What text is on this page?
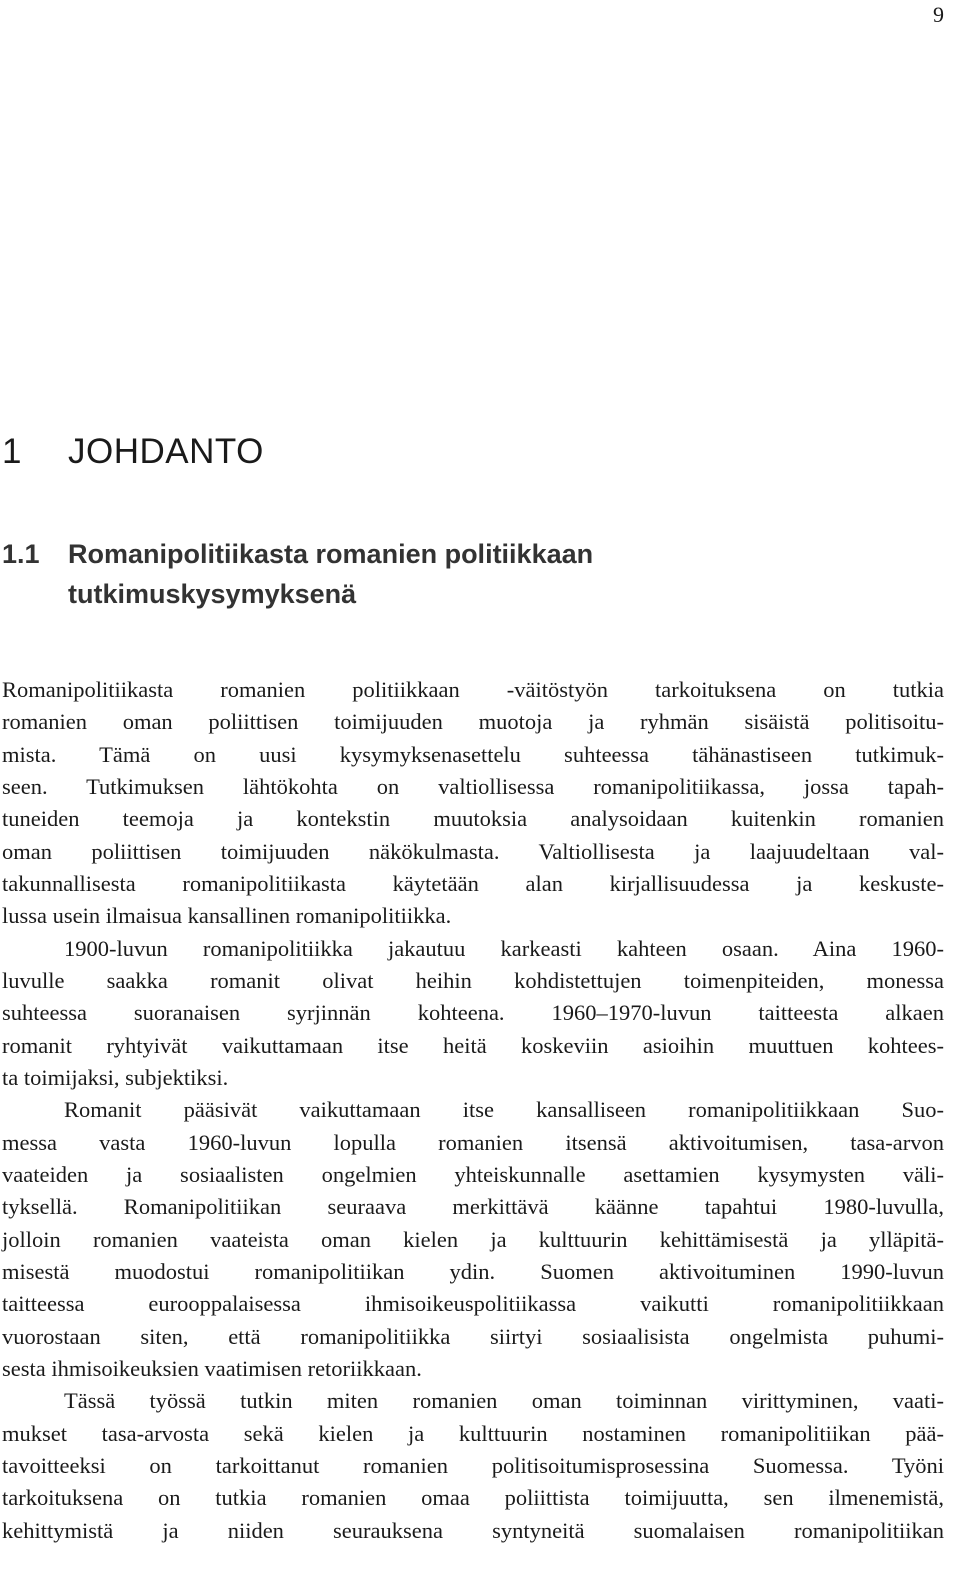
9
1 JOHDANTO
1.1 Romanipolitiikasta romanien politiikkaan
tutkimuskysymyksenä
Romanipolitiikasta romanien politiikkaan -väitöstyön tarkoituksena on tutkia
romanien oman poliittisen toimijuuden muotoja ja ryhmän sisäistä politisoitu-
mista. Tämä on uusi kysymyksenasettelu suhteessa tähänastiseen tutkimuk-
seen. Tutkimuksen lähtökohta on valtiollisessa romanipolitiikassa, jossa tapah-
tuneiden teemoja ja kontekstin muutoksia analysoidaan kuitenkin romanien
oman poliittisen toimijuuden näkökulmasta. Valtiollisesta ja laajuudeltaan val-
takunnallisesta romanipolitiikasta käytetään alan kirjallisuudessa ja keskuste-
lussa usein ilmaisua kansallinen romanipolitiikka.
1900-luvun romanipolitiikka jakautuu karkeasti kahteen osaan. Aina 1960-
luvulle saakka romanit olivat heihin kohdistettujen toimenpiteiden, monessa
suhteessa suoranaisen syrjinnän kohteena. 1960–1970-luvun taitteesta alkaen
romanit ryhtyivät vaikuttamaan itse heitä koskeviin asioihin muuttuen kohtees-
ta toimijaksi, subjektiksi.
Romanit pääsivät vaikuttamaan itse kansalliseen romanipolitiikkaan Suo-
messa vasta 1960-luvun lopulla romanien itsensä aktivoitumisen, tasa-arvon
vaateiden ja sosiaalisten ongelmien yhteiskunnalle asettamien kysymysten väli-
tyksellä. Romanipolitiikan seuraava merkittävä käänne tapahtui 1980-luvulla,
jolloin romanien vaateista oman kielen ja kulttuurin kehittämisestä ja ylläpitä-
misestä muodostui romanipolitiikan ydin. Suomen aktivoituminen 1990-luvun
taitteessa eurooppalaisessa ihmisoikeuspolitiikassa vaikutti romanipolitiikkaan
vuorostaan siten, että romanipolitiikka siirtyi sosiaalisista ongelmista puhumi-
sesta ihmisoikeuksien vaatimisen retoriikkaan.
Tässä työssä tutkin miten romanien oman toiminnan virittyminen, vaati-
mukset tasa-arvosta sekä kielen ja kulttuurin nostaminen romanipolitiikan pää-
tavoitteeksi on tarkoittanut romanien politisoitumisprosessina Suomessa. Työni
tarkoituksena on tutkia romanien omaa poliittista toimijuutta, sen ilmenemistä,
kehittymistä ja niiden seurauksena syntyneitä suomalaisen romanipolitiikan
